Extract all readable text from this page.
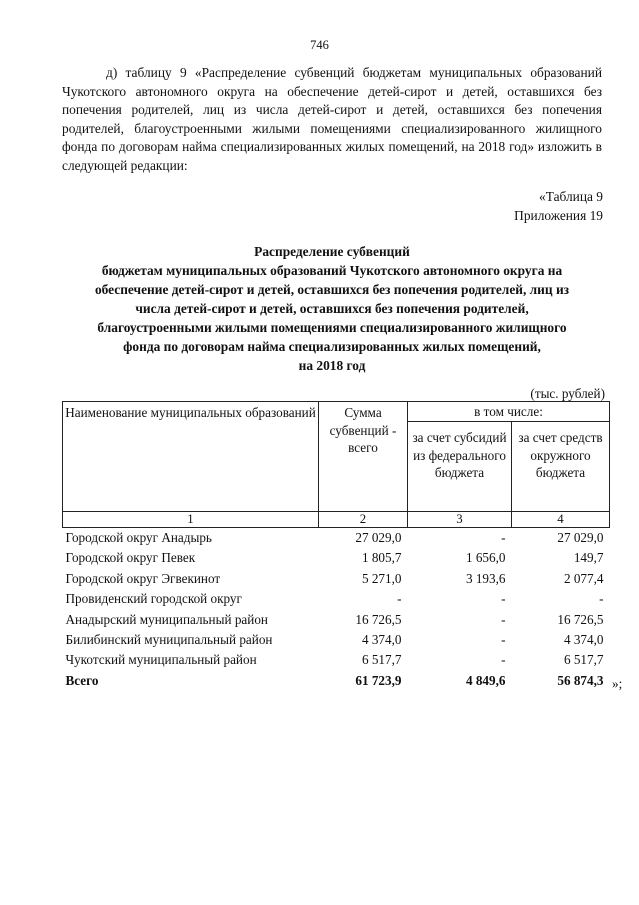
746

д) таблицу 9 «Распределение субвенций бюджетам муниципальных образований Чукотского автономного округа на обеспечение детей-сирот и детей, оставшихся без попечения родителей, лиц из числа детей-сирот и детей, оставшихся без попечения родителей, благоустроенными жилыми помещениями специализированного жилищного фонда по договорам найма специализированных жилых помещений, на 2018 год» изложить в следующей редакции:

«Таблица 9
Приложения 19
Распределение субвенций
бюджетам муниципальных образований Чукотского автономного округа на
обеспечение детей-сирот и детей, оставшихся без попечения родителей, лиц из
числа детей-сирот и детей, оставшихся без попечения родителей,
благоустроенными жилыми помещениями специализированного жилищного
фонда по договорам найма специализированных жилых помещений,
на 2018 год
(тыс. рублей)
Наименование муниципальных образований	Сумма субвенций - всего	в том числе:	
		за счет субсидий из федерального бюджета	за счет средств окружного бюджета
1	2	3	4
Городской округ Анадырь	27 029,0	-	27 029,0
Городской округ Певек	1 805,7	1 656,0	149,7
Городской округ Эгвекинот	5 271,0	3 193,6	2 077,4
Провиденский городской округ	-	-	-
Анадырский муниципальный район	16 726,5	-	16 726,5
Билибинский муниципальный район	4 374,0	-	4 374,0
Чукотский муниципальный район	6 517,7	-	6 517,7
Всего	61 723,9	4 849,6	56 874,3 »;
